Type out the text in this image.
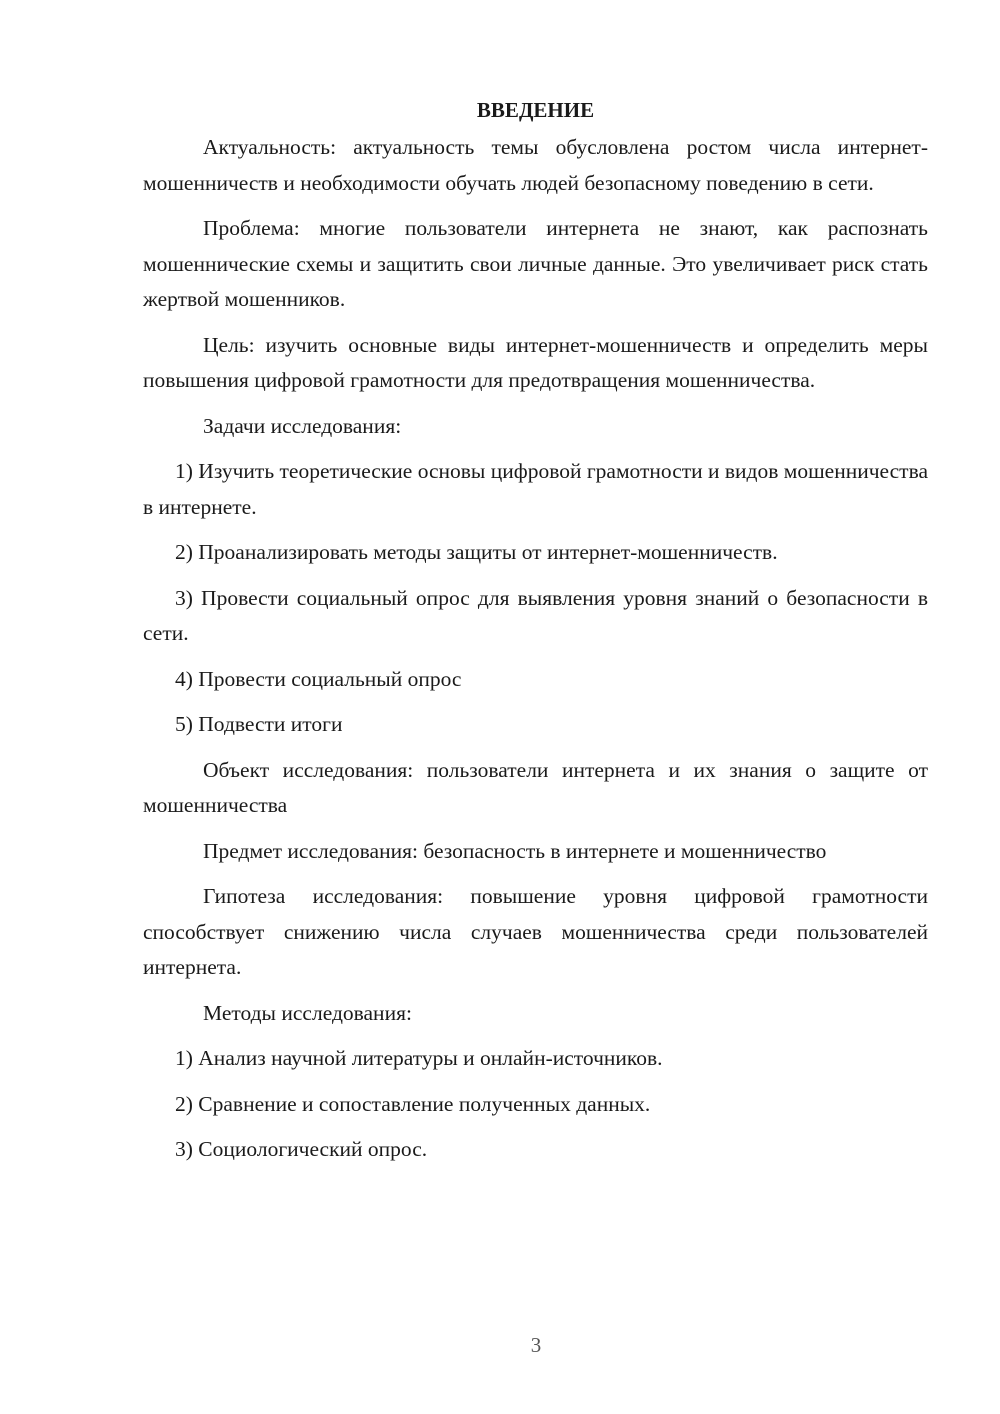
ВВЕДЕНИЕ

Актуальность: актуальность темы обусловлена ростом числа интернет-мошенничеств и необходимости обучать людей безопасному поведению в сети.

Проблема: многие пользователи интернета не знают, как распознать мошеннические схемы и защитить свои личные данные. Это увеличивает риск стать жертвой мошенников.

Цель: изучить основные виды интернет-мошенничеств и определить меры повышения цифровой грамотности для предотвращения мошенничества.

Задачи исследования:

1) Изучить теоретические основы цифровой грамотности и видов мошенничества в интернете.

2) Проанализировать методы защиты от интернет-мошенничеств.

3) Провести социальный опрос для выявления уровня знаний о безопасности в сети.

4) Провести социальный опрос

5) Подвести итоги

Объект исследования: пользователи интернета и их знания о защите от мошенничества

Предмет исследования: безопасность в интернете и мошенничество

Гипотеза исследования: повышение уровня цифровой грамотности способствует снижению числа случаев мошенничества среди пользователей интернета.

Методы исследования:

1) Анализ научной литературы и онлайн-источников.

2) Сравнение и сопоставление полученных данных.

3) Социологический опрос.

3
